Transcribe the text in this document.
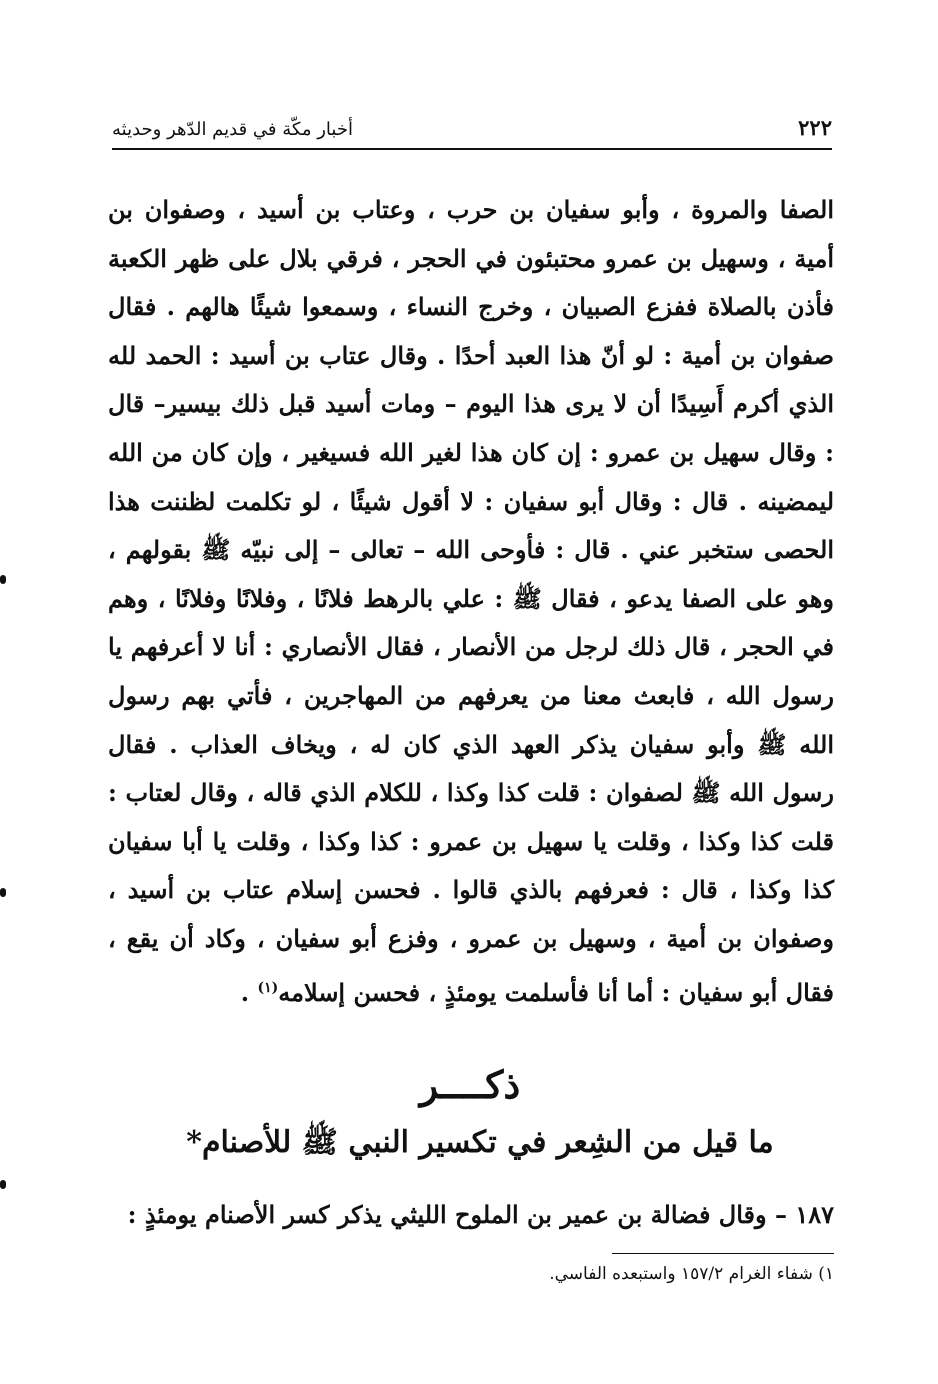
٢٢٢
أخبار مكّة في قديم الدّهر وحديثه

الصفا والمروة ، وأبو سفيان بن حرب ، وعتاب بن أسيد ، وصفوان بن أمية ، وسهيل بن عمرو محتبئون في الحجر ، فرقي بلال على ظهر الكعبة فأذن بالصلاة ففزع الصبيان ، وخرج النساء ، وسمعوا شيئًا هالهم . فقال صفوان بن أمية : لو أنّ هذا العبد أحدًا . وقال عتاب بن أسيد : الحمد لله الذي أكرم أَسِيدًا أن لا يرى هذا اليوم – ومات أسيد قبل ذلك بيسير– قال : وقال سهيل بن عمرو : إن كان هذا لغير الله فسيغير ، وإن كان من الله ليمضينه . قال : وقال أبو سفيان : لا أقول شيئًا ، لو تكلمت لظننت هذا الحصى ستخبر عني . قال : فأوحى الله – تعالى – إلى نبيّه ﷺ بقولهم ، وهو على الصفا يدعو ، فقال ﷺ : علي بالرهط فلانًا ، وفلانًا وفلانًا ، وهم في الحجر ، قال ذلك لرجل من الأنصار ، فقال الأنصاري : أنا لا أعرفهم يا رسول الله ، فابعث معنا من يعرفهم من المهاجرين ، فأتي بهم رسول الله ﷺ وأبو سفيان يذكر العهد الذي كان له ، ويخاف العذاب . فقال رسول الله ﷺ لصفوان : قلت كذا وكذا ، للكلام الذي قاله ، وقال لعتاب : قلت كذا وكذا ، وقلت يا سهيل بن عمرو : كذا وكذا ، وقلت يا أبا سفيان كذا وكذا ، قال : فعرفهم بالذي قالوا . فحسن إسلام عتاب بن أسيد ، وصفوان بن أمية ، وسهيل بن عمرو ، وفزع أبو سفيان ، وكاد أن يقع ، فقال أبو سفيان : أما أنا فأسلمت يومئذٍ ، فحسن إسلامه$^{(١)}$ .

ذكــــر
ما قيل من الشِعر في تكسير النبي ﷺ للأصنام*
١٨٧ – وقال فضالة بن عمير بن الملوح الليثي يذكر كسر الأصنام يومئذٍ :
١) شفاء الغرام ١٥٧/٢ واستبعده الفاسي.
